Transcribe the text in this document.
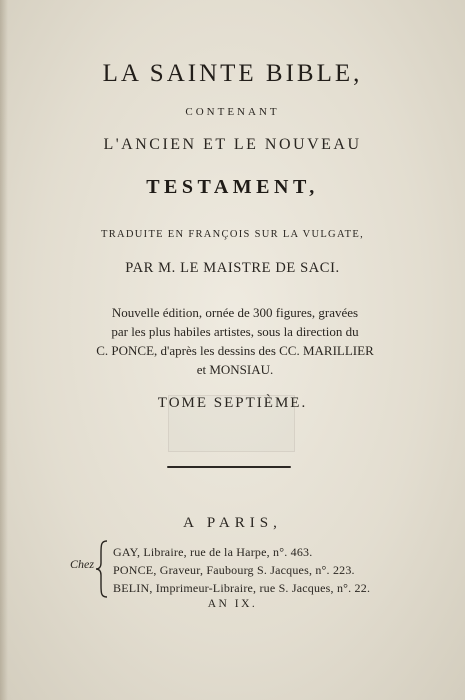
LA SAINTE BIBLE,
CONTENANT
L'ANCIEN ET LE NOUVEAU
TESTAMENT,
TRADUITE EN FRANÇOIS SUR LA VULGATE,
PAR M. LE MAISTRE DE SACI.
Nouvelle édition, ornée de 300 figures, gravées
par les plus habiles artistes, sous la direction du
C. PONCE, d'après les dessins des CC. MARILLIER
et MONSIAU.
TOME SEPTIÈME.
A PARIS,
Chez
GAY, Libraire, rue de la Harpe, n°. 463.
PONCE, Graveur, Faubourg S. Jacques, n°. 223.
BELIN, Imprimeur-Libraire, rue S. Jacques, n°. 22.
AN IX.
